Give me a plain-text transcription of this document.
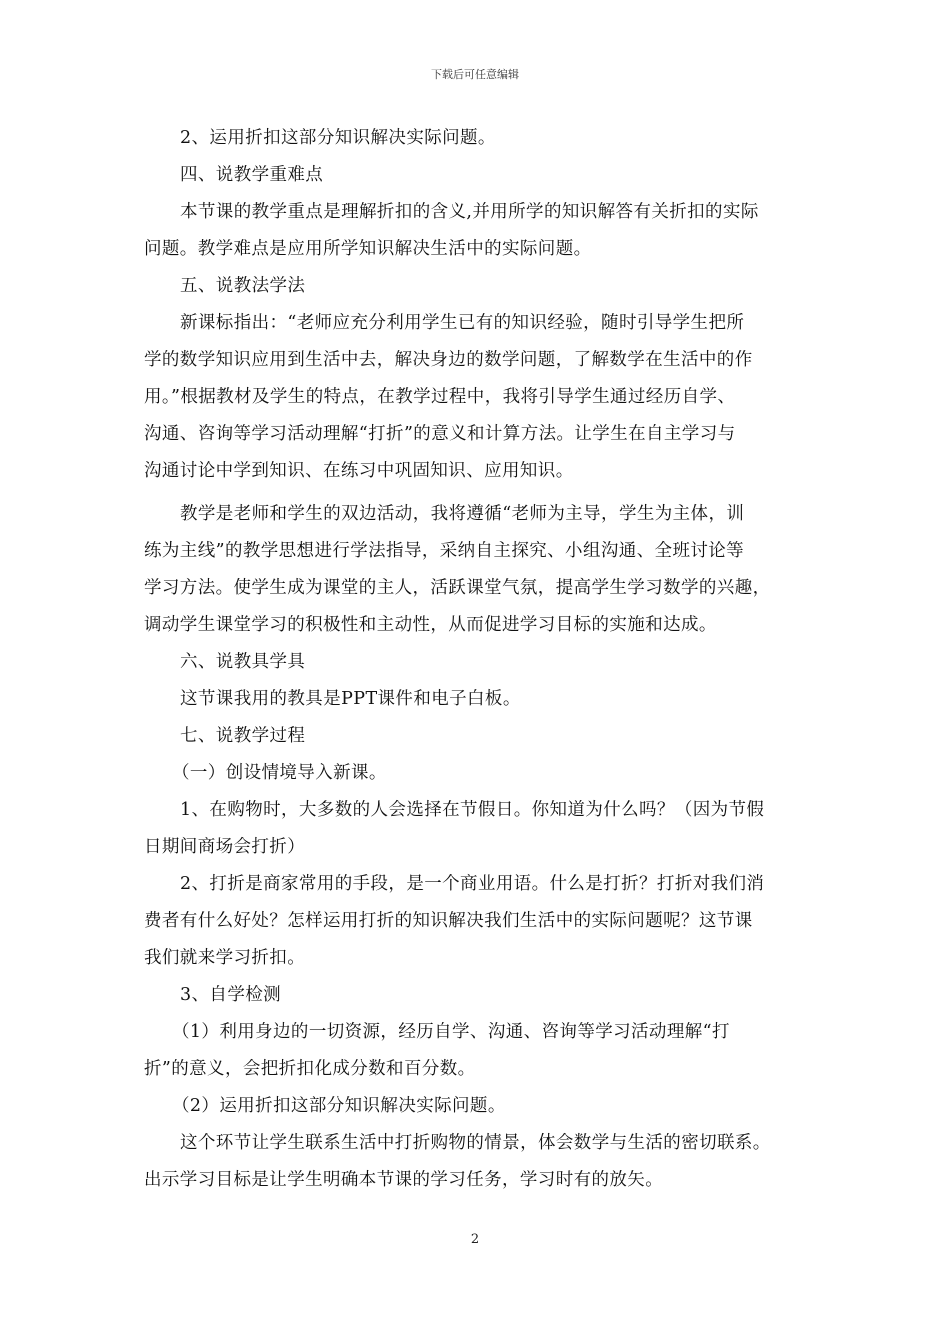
下载后可任意编辑
2、运用折扣这部分知识解决实际问题。
四、说教学重难点
本节课的教学重点是理解折扣的含义,并用所学的知识解答有关折扣的实际
问题。教学难点是应用所学知识解决生活中的实际问题。
五、说教法学法
新课标指出：“老师应充分利用学生已有的知识经验，随时引导学生把所
学的数学知识应用到生活中去，解决身边的数学问题，了解数学在生活中的作
用。”根据教材及学生的特点，在教学过程中，我将引导学生通过经历自学、
沟通、咨询等学习活动理解“打折”的意义和计算方法。让学生在自主学习与
沟通讨论中学到知识、在练习中巩固知识、应用知识。
教学是老师和学生的双边活动，我将遵循“老师为主导，学生为主体，训
练为主线”的教学思想进行学法指导，采纳自主探究、小组沟通、全班讨论等
学习方法。使学生成为课堂的主人，活跃课堂气氛，提高学生学习数学的兴趣，
调动学生课堂学习的积极性和主动性，从而促进学习目标的实施和达成。
六、说教具学具
这节课我用的教具是PPT课件和电子白板。
七、说教学过程
（一）创设情境导入新课。
1、在购物时，大多数的人会选择在节假日。你知道为什么吗？（因为节假
日期间商场会打折）
2、打折是商家常用的手段，是一个商业用语。什么是打折？打折对我们消
费者有什么好处？怎样运用打折的知识解决我们生活中的实际问题呢？这节课
我们就来学习折扣。
3、自学检测
（1）利用身边的一切资源，经历自学、沟通、咨询等学习活动理解“打
折”的意义，会把折扣化成分数和百分数。
（2）运用折扣这部分知识解决实际问题。
这个环节让学生联系生活中打折购物的情景，体会数学与生活的密切联系。
出示学习目标是让学生明确本节课的学习任务，学习时有的放矢。
2
